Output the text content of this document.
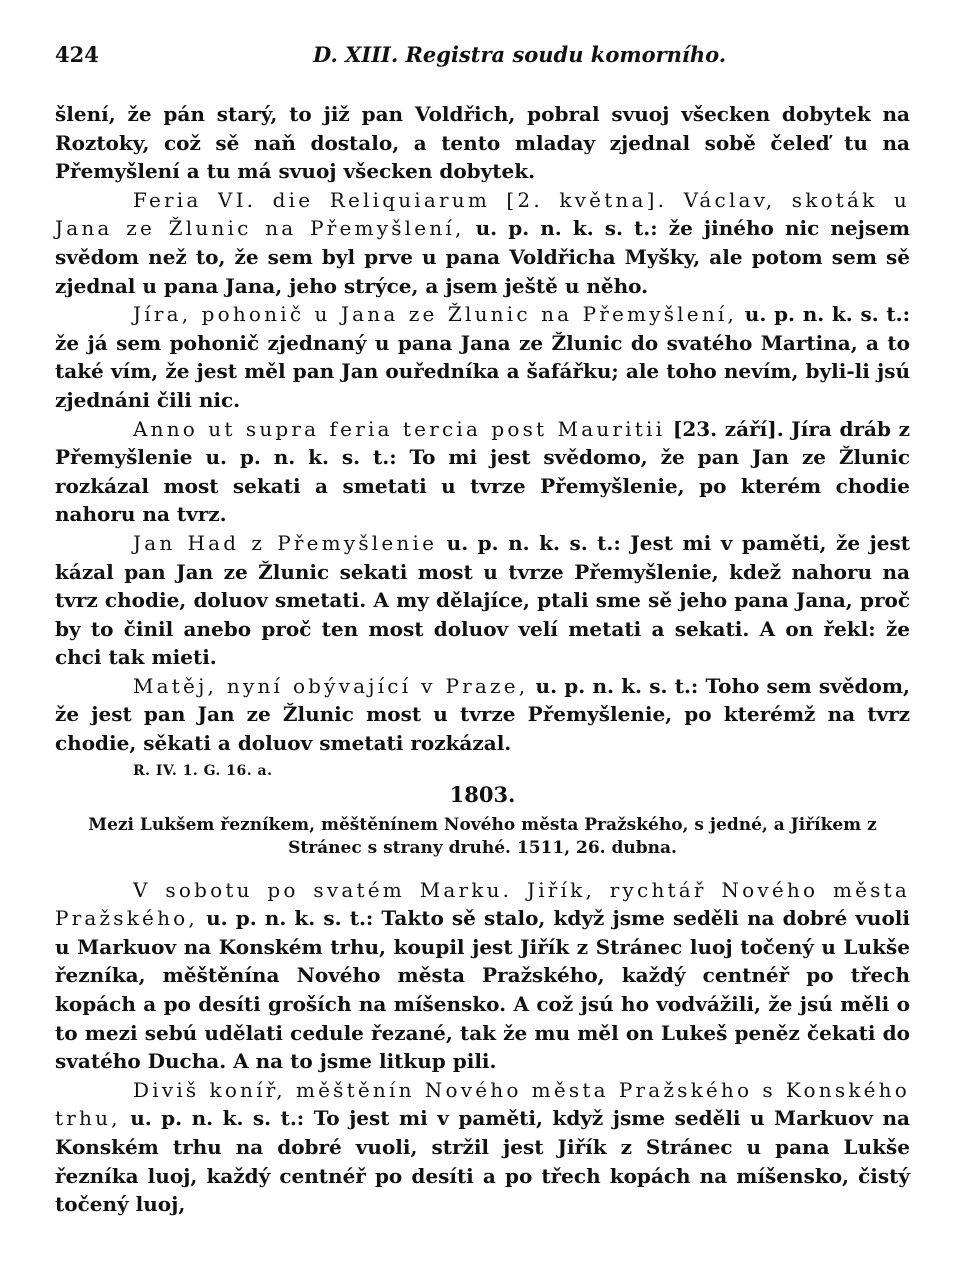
424	D. XIII. Registra soudu komorního.

šlení, že pán starý, to již pan Voldřich, pobral svuoj všecken dobytek na Roztoky, což sě naň dostalo, a tento mladay zjednal sobě čeleď tu na Přemyšlení a tu má svuoj všecken dobytek.

Feria VI. die Reliquiarum [2. května]. Václav, skoták u Jana ze Žlunic na Přemyšlení, u. p. n. k. s. t.: že jiného nic nejsem svědom než to, že sem byl prve u pana Voldřicha Myšky, ale potom sem sě zjednal u pana Jana, jeho strýce, a jsem ještě u něho.

Jíra, pohonič u Jana ze Žlunic na Přemyšlení, u. p. n. k. s. t.: že já sem pohonič zjednaný u pana Jana ze Žlunic do svatého Martina, a to také vím, že jest měl pan Jan ouředníka a šafářku; ale toho nevím, byli-li jsú zjednáni čili nic.

Anno ut supra feria tercia post Mauritii [23. září]. Jíra dráb z Přemyšlenie u. p. n. k. s. t.: To mi jest svědomo, že pan Jan ze Žlunic rozkázal most sekati a smetati u tvrze Přemyšlenie, po kterém chodie nahoru na tvrz.

Jan Had z Přemyšlenie u. p. n. k. s. t.: Jest mi v paměti, že jest kázal pan Jan ze Žlunic sekati most u tvrze Přemyšlenie, kdež nahoru na tvrz chodie, doluov smetati. A my dělajíce, ptali sme sě jeho pana Jana, proč by to činil anebo proč ten most doluov velí metati a sekati. A on řekl: že chci tak mieti.

Matěj, nyní obývající v Praze, u. p. n. k. s. t.: Toho sem svědom, že jest pan Jan ze Žlunic most u tvrze Přemyšlenie, po kterémž na tvrz chodie, sěkati a doluov smetati rozkázal.

R. IV. 1. G. 16. a.
1803.
Mezi Lukšem řezníkem, měštěnínem Nového města Pražského, s jedné, a Jiříkem z Stránec s strany druhé. 1511, 26. dubna.

V sobotu po svatém Marku. Jiřík, rychtář Nového města Pražského, u. p. n. k. s. t.: Takto sě stalo, když jsme seděli na dobré vuoli u Markuov na Konském trhu, koupil jest Jiřík z Stránec luoj točený u Lukše řezníka, měštěnína Nového města Pražského, každý centnéř po třech kopách a po desíti groších na míšensko. A což jsú ho vodvážili, že jsú měli o to mezi sebú udělati cedule řezané, tak že mu měl on Lukeš peněz čekati do svatého Ducha. A na to jsme litkup pili.

Diviš koníř, měštěnín Nového města Pražského s Konského trhu, u. p. n. k. s. t.: To jest mi v paměti, když jsme seděli u Markuov na Konském trhu na dobré vuoli, stržil jest Jiřík z Stránec u pana Lukše řezníka luoj, každý centnéř po desíti a po třech kopách na míšensko, čistý točený luoj,
